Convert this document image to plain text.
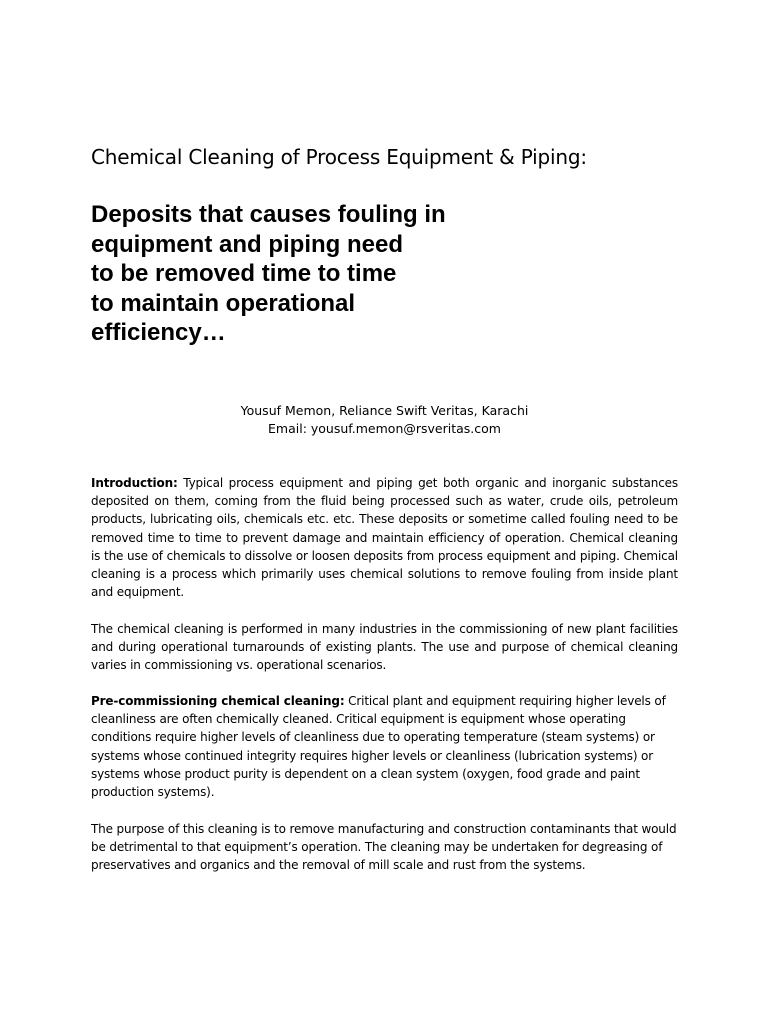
Chemical Cleaning of Process Equipment & Piping:
Deposits that causes fouling in
equipment and piping need
to be removed time to time
to maintain operational
efficiency…
Yousuf Memon, Reliance Swift Veritas, Karachi
Email: yousuf.memon@rsveritas.com

Introduction: Typical process equipment and piping get both organic and inorganic substances deposited on them, coming from the fluid being processed such as water, crude oils, petroleum products, lubricating oils, chemicals etc. etc. These deposits or sometime called fouling need to be removed time to time to prevent damage and maintain efficiency of operation. Chemical cleaning is the use of chemicals to dissolve or loosen deposits from process equipment and piping. Chemical cleaning is a process which primarily uses chemical solutions to remove fouling from inside plant and equipment.

The chemical cleaning is performed in many industries in the commissioning of new plant facilities and during operational turnarounds of existing plants. The use and purpose of chemical cleaning varies in commissioning vs. operational scenarios.

Pre-commissioning chemical cleaning: Critical plant and equipment requiring higher levels of cleanliness are often chemically cleaned. Critical equipment is equipment whose operating conditions require higher levels of cleanliness due to operating temperature (steam systems) or systems whose continued integrity requires higher levels or cleanliness (lubrication systems) or systems whose product purity is dependent on a clean system (oxygen, food grade and paint production systems).

The purpose of this cleaning is to remove manufacturing and construction contaminants that would be detrimental to that equipment’s operation. The cleaning may be undertaken for degreasing of preservatives and organics and the removal of mill scale and rust from the systems.
